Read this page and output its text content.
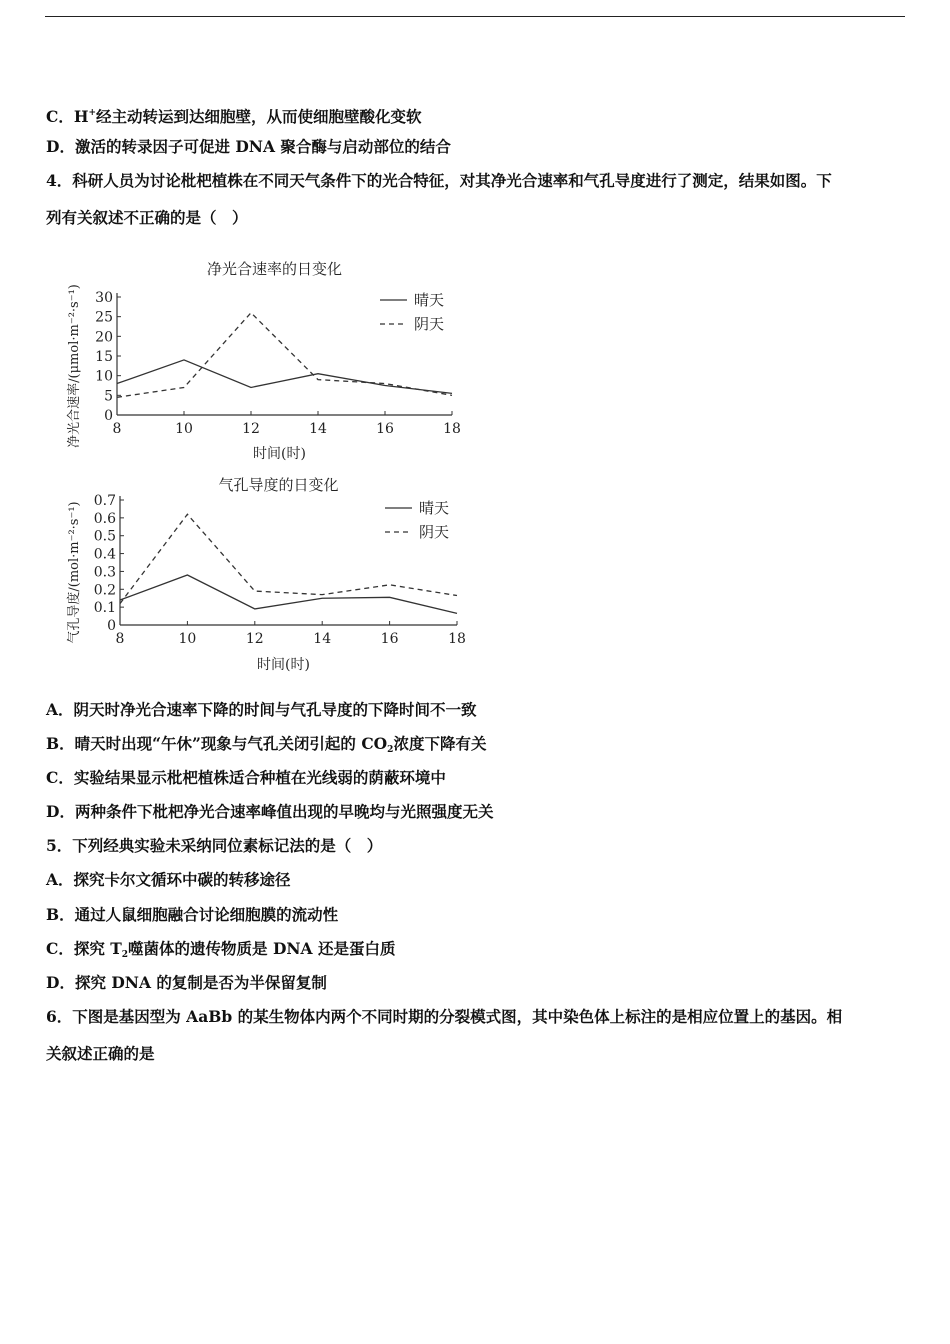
C．H+经主动转运到达细胞壁，从而使细胞壁酸化变软
D．激活的转录因子可促进 DNA 聚合酶与启动部位的结合
4．科研人员为讨论枇杷植株在不同天气条件下的光合特征，对其净光合速率和气孔导度进行了测定，结果如图。下
列有关叙述不正确的是（　）
净光合速率的日变化
8	10	12	14	16	18
0
5
10
15
20
25
30
时间(时)
净光合速率/(μmol·m⁻²·s⁻¹)	晴天
阴天
气孔导度的日变化
8	10	12	14	16	18
0
0.1
0.2
0.3
0.4
0.5
0.6
0.7
时间(时)
气孔导度/(mol·m⁻²·s⁻¹)	晴天
阴天
A．阴天时净光合速率下降的时间与气孔导度的下降时间不一致
B．晴天时出现“午休”现象与气孔关闭引起的 $CO_2$浓度下降有关
C．实验结果显示枇杷植株适合种植在光线弱的荫蔽环境中
D．两种条件下枇杷净光合速率峰值出现的早晚均与光照强度无关
5．下列经典实验未采纳同位素标记法的是（　）
A．探究卡尔文循环中碳的转移途径
B．通过人鼠细胞融合讨论细胞膜的流动性
C．探究 $T_2$噬菌体的遗传物质是 DNA 还是蛋白质
D．探究 DNA 的复制是否为半保留复制
6．下图是基因型为 AaBb 的某生物体内两个不同时期的分裂模式图，其中染色体上标注的是相应位置上的基因。相
关叙述正确的是
